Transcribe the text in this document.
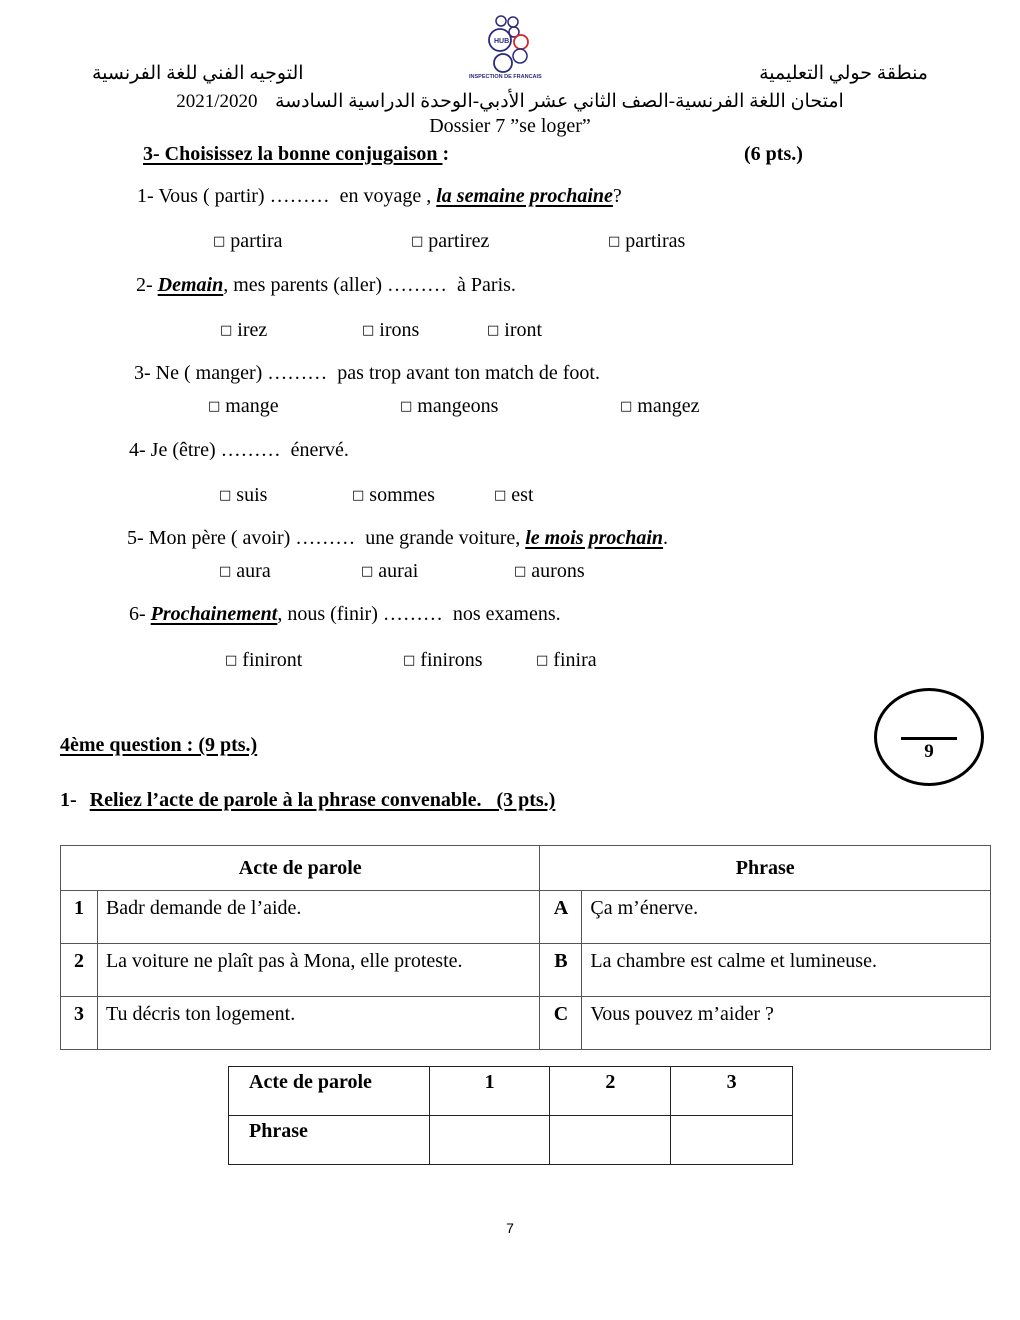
التوجيه الفني للغة الفرنسية	منطقة حولي التعليمية
HUB
INSPECTION DE FRANCAIS
2021/2020 امتحان اللغة الفرنسية-الصف الثاني عشر الأدبي-الوحدة الدراسية السادسة
Dossier 7 ”se loger”
3- Choisissez la bonne conjugaison :	(6 pts.)
1- Vous ( partir) ………  en voyage , la semaine prochaine?
□ partira	□ partirez	□ partiras
2- Demain, mes parents (aller) ………  à Paris.
□ irez	□ irons	□ iront
3- Ne ( manger) ………  pas trop avant ton match de foot.
□ mange	□ mangeons	□ mangez
4- Je (être) ………  énervé.
□ suis	□ sommes	□ est
5- Mon père ( avoir) ………  une grande voiture, le mois prochain.
□ aura	□ aurai	□ aurons
6- Prochainement, nous (finir) ………  nos examens.
□ finiront	□ finirons	□ finira
4ème question : (9 pts.)	9
1- Reliez l’acte de parole à la phrase convenable.   (3 pts.)
Acte de parole		Phrase	
1	Badr demande de l’aide.	A	Ça m’énerve.
2	La voiture ne plaît pas à Mona, elle proteste.	B	La chambre est calme et lumineuse.
3	Tu décris ton logement.	C	Vous pouvez m’aider ?
Acte de parole	1	2	3
Phrase			
7
